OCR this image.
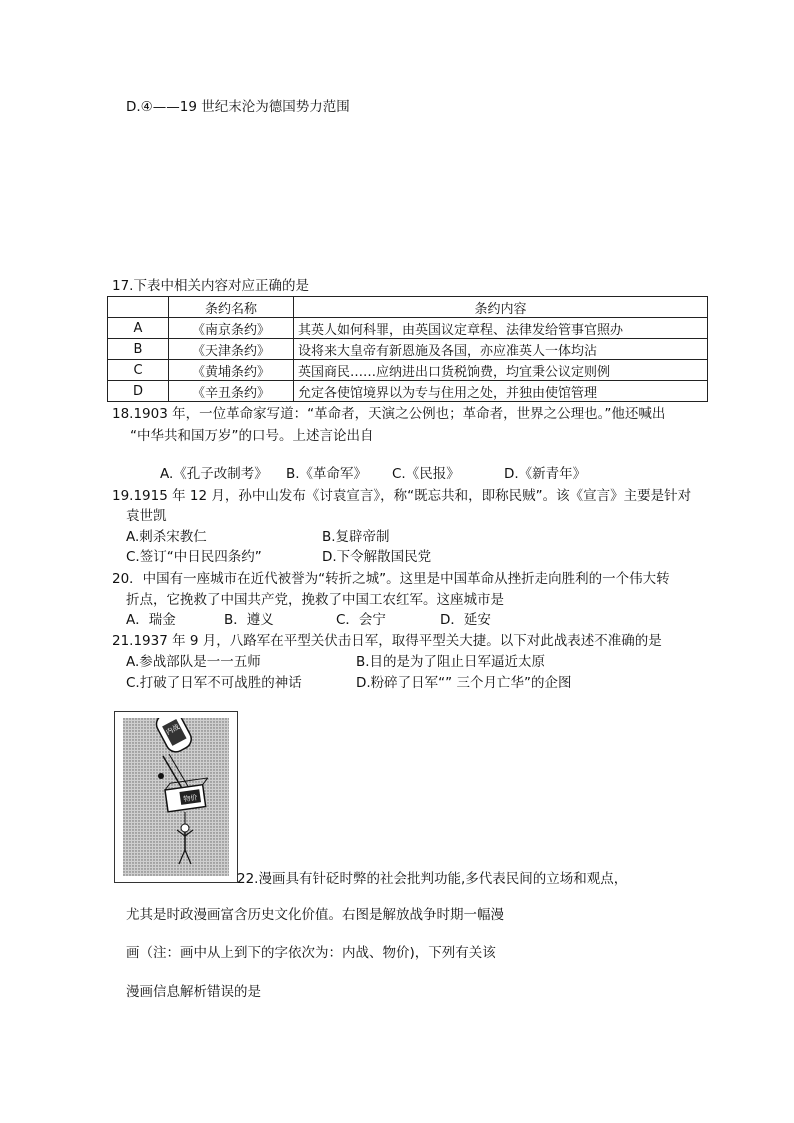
D.④——19 世纪末沦为德国势力范围
17.下表中相关内容对应正确的是
	条约名称	条约内容
A	《南京条约》	其英人如何科罪，由英国议定章程、法律发给管事官照办
B	《天津条约》	设将来大皇帝有新恩施及各国，亦应准英人一体均沾
C	《黄埔条约》	英国商民……应纳进出口货税饷费，均宜秉公议定则例
D	《辛丑条约》	允定各使馆境界以为专与住用之处，并独由使馆管理
18.1903 年，一位革命家写道：“革命者，天演之公例也；革命者，世界之公理也。”他还喊出
“中华共和国万岁”的口号。上述言论出自
A.《孔子改制考》 B.《革命军》 C.《民报》	D.《新青年》
19.1915 年 12 月，孙中山发布《讨袁宣言》，称“既忘共和，即称民贼”。该《宣言》主要是针对
袁世凯
A.刺杀宋教仁	B.复辟帝制
C.签订“中日民四条约”	D.下令解散国民党
20．中国有一座城市在近代被誉为“转折之城”。这里是中国革命从挫折走向胜利的一个伟大转
折点，它挽救了中国共产党，挽救了中国工农红军。这座城市是
A．瑞金	B．遵义	C．会宁	D．延安
21.1937 年 9 月，八路军在平型关伏击日军，取得平型关大捷。以下对此战表述不准确的是
A.参战部队是一一五师	B.目的是为了阻止日军逼近太原
C.打破了日军不可战胜的神话	D.粉碎了日军“” 三个月亡华”的企图
内战
物价
22.漫画具有针砭时弊的社会批判功能,多代表民间的立场和观点，
尤其是时政漫画富含历史文化价值。右图是解放战争时期一幅漫
画（注：画中从上到下的字依次为：内战、物价)，下列有关该
漫画信息解析错误的是
